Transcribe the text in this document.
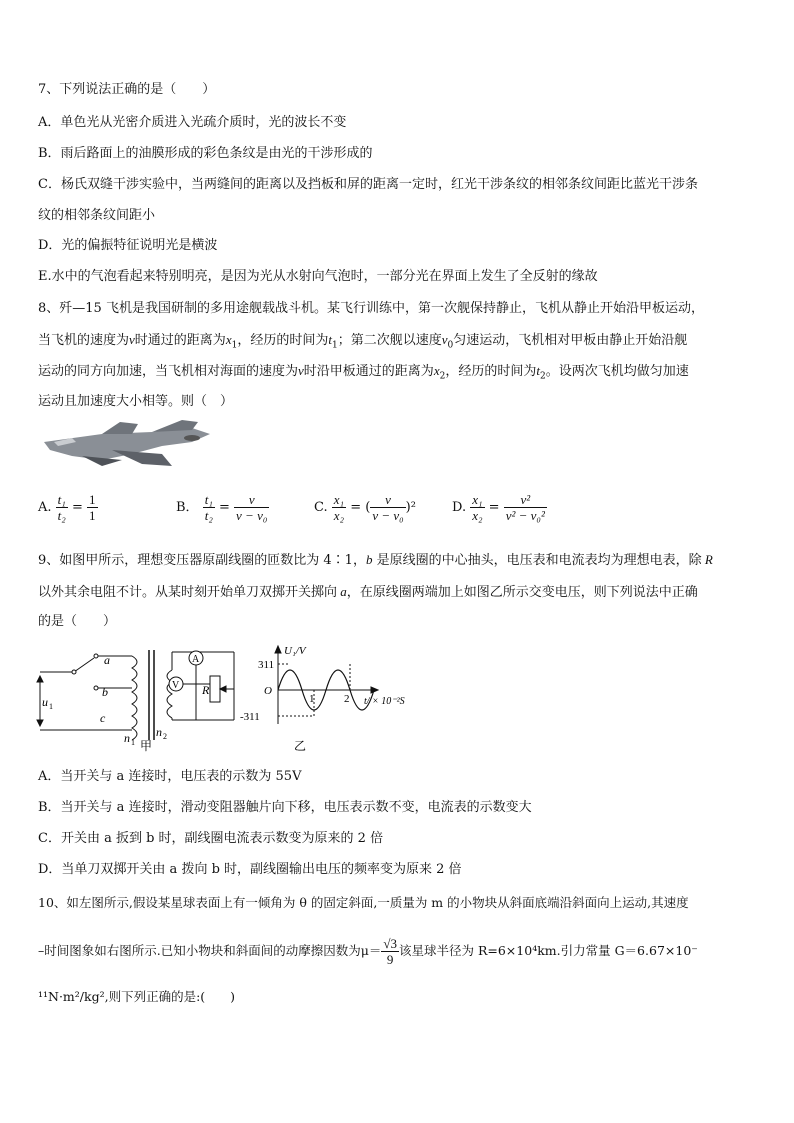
7、下列说法正确的是（　　）
A．单色光从光密介质进入光疏介质时，光的波长不变
B．雨后路面上的油膜形成的彩色条纹是由光的干涉形成的
C．杨氏双缝干涉实验中，当两缝间的距离以及挡板和屏的距离一定时，红光干涉条纹的相邻条纹间距比蓝光干涉条
纹的相邻条纹间距小
D．光的偏振特征说明光是横波
E.水中的气泡看起来特别明亮，是因为光从水射向气泡时，一部分光在界面上发生了全反射的缘故
8、歼—15 飞机是我国研制的多用途舰载战斗机。某飞行训练中，第一次舰保持静止，飞机从静止开始沿甲板运动，
当飞机的速度为v时通过的距离为$x_1$，经历的时间为$t_1$；第二次舰以速度$v_0$匀速运动，飞机相对甲板由静止开始沿舰
运动的同方向加速，当飞机相对海面的速度为v时沿甲板通过的距离为$x_2$，经历的时间为$t_2$。设两次飞机均做匀加速
运动且加速度大小相等。则（　）
A. $\frac{\text{t₁}}{\text{t₂}} = \frac{1}{1}$	B． $\frac{\text{t₁}}{\text{t₂}} = \frac{v}{\text{v − v₀}}$	C. $\frac{\text{x₁}}{\text{x₂}}$ = ( $\frac{v}{\text{v − v₀}} )^2$	D. $\frac{\text{x₁}}{\text{x₂}} = \frac{\text{v²}}{\text{v² − v₀²}}$
9、如图甲所示，理想变压器原副线圈的匝数比为 4∶1，b 是原线圈的中心抽头，电压表和电流表均为理想电表，除 R
以外其余电阻不计。从某时刻开始单刀双掷开关掷向 a，在原线圈两端加上如图乙所示交变电压，则下列说法中正确
的是（　　）
a
b
c
u 1
n 1
n 2
A
V R
甲
U₁/V
311
-311
O
1	2 t/ × 10⁻²S
乙
A．当开关与 a 连接时，电压表的示数为 55V
B．当开关与 a 连接时，滑动变阻器触片向下移，电压表示数不变，电流表的示数变大
C．开关由 a 扳到 b 时，副线圈电流表示数变为原来的 2 倍
D．当单刀双掷开关由 a 拨向 b 时，副线圈输出电压的频率变为原来 2 倍
10、如左图所示,假设某星球表面上有一倾角为 θ 的固定斜面,一质量为 m 的小物块从斜面底端沿斜面向上运动,其速度
–时间图象如右图所示.已知小物块和斜面间的动摩擦因数为$\mu= \frac{√3}{9}$ 该星球半径为 R=6×10⁴km.引力常量 G＝6.67×10⁻
¹¹N·m²/kg²,则下列正确的是:(　　)
